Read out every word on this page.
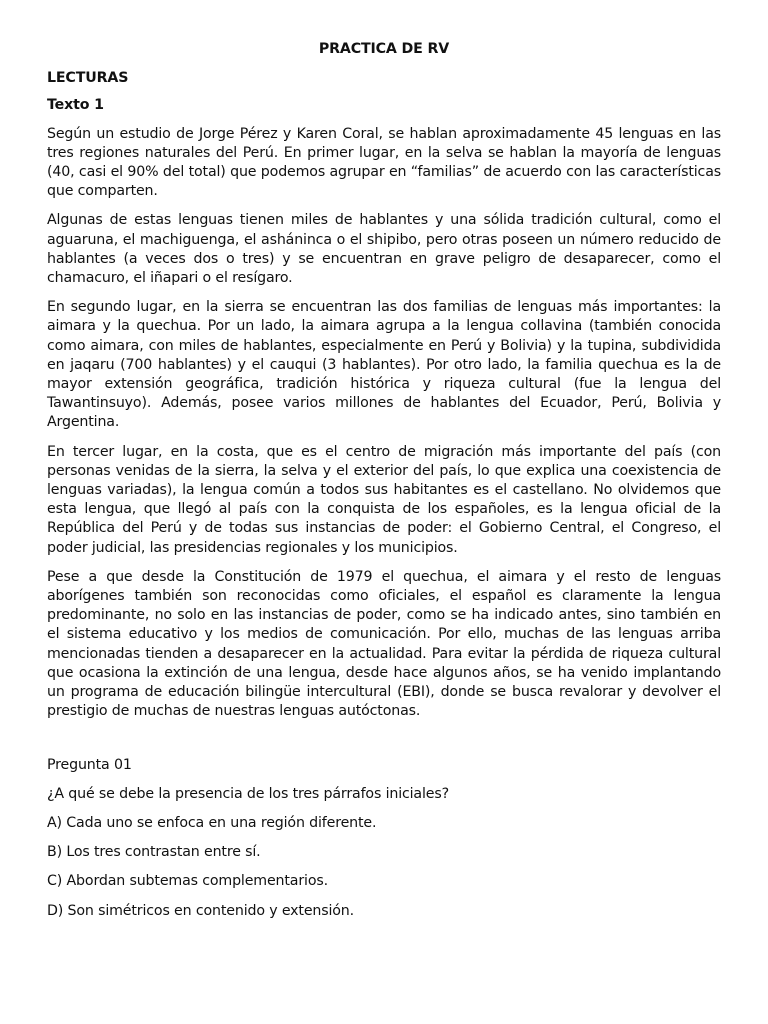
PRACTICA DE RV
LECTURAS
Texto 1

Según un estudio de Jorge Pérez y Karen Coral, se hablan aproximadamente 45 lenguas en las tres regiones naturales del Perú. En primer lugar, en la selva se hablan la mayoría de lenguas (40, casi el 90% del total) que podemos agrupar en “familias” de acuerdo con las características que comparten.

Algunas de estas lenguas tienen miles de hablantes y una sólida tradición cultural, como el aguaruna, el machiguenga, el asháninca o el shipibo, pero otras poseen un número reducido de hablantes (a veces dos o tres) y se encuentran en grave peligro de desaparecer, como el chamacuro, el iñapari o el resígaro.

En segundo lugar, en la sierra se encuentran las dos familias de lenguas más importantes: la aimara y la quechua. Por un lado, la aimara agrupa a la lengua collavina (también conocida como aimara, con miles de hablantes, especialmente en Perú y Bolivia) y la tupina, subdividida en jaqaru (700 hablantes) y el cauqui (3 hablantes). Por otro lado, la familia quechua es la de mayor extensión geográfica, tradición histórica y riqueza cultural (fue la lengua del Tawantinsuyo). Además, posee varios millones de hablantes del Ecuador, Perú, Bolivia y Argentina.

En tercer lugar, en la costa, que es el centro de migración más importante del país (con personas venidas de la sierra, la selva y el exterior del país, lo que explica una coexistencia de lenguas variadas), la lengua común a todos sus habitantes es el castellano. No olvidemos que esta lengua, que llegó al país con la conquista de los españoles, es la lengua oficial de la República del Perú y de todas sus instancias de poder: el Gobierno Central, el Congreso, el poder judicial, las presidencias regionales y los municipios.

Pese a que desde la Constitución de 1979 el quechua, el aimara y el resto de lenguas aborígenes también son reconocidas como oficiales, el español es claramente la lengua predominante, no solo en las instancias de poder, como se ha indicado antes, sino también en el sistema educativo y los medios de comunicación. Por ello, muchas de las lenguas arriba mencionadas tienden a desaparecer en la actualidad. Para evitar la pérdida de riqueza cultural que ocasiona la extinción de una lengua, desde hace algunos años, se ha venido implantando un programa de educación bilingüe intercultural (EBI), donde se busca revalorar y devolver el prestigio de muchas de nuestras lenguas autóctonas.

Pregunta 01
¿A qué se debe la presencia de los tres párrafos iniciales?
A) Cada uno se enfoca en una región diferente.
B) Los tres contrastan entre sí.
C) Abordan subtemas complementarios.
D) Son simétricos en contenido y extensión.
